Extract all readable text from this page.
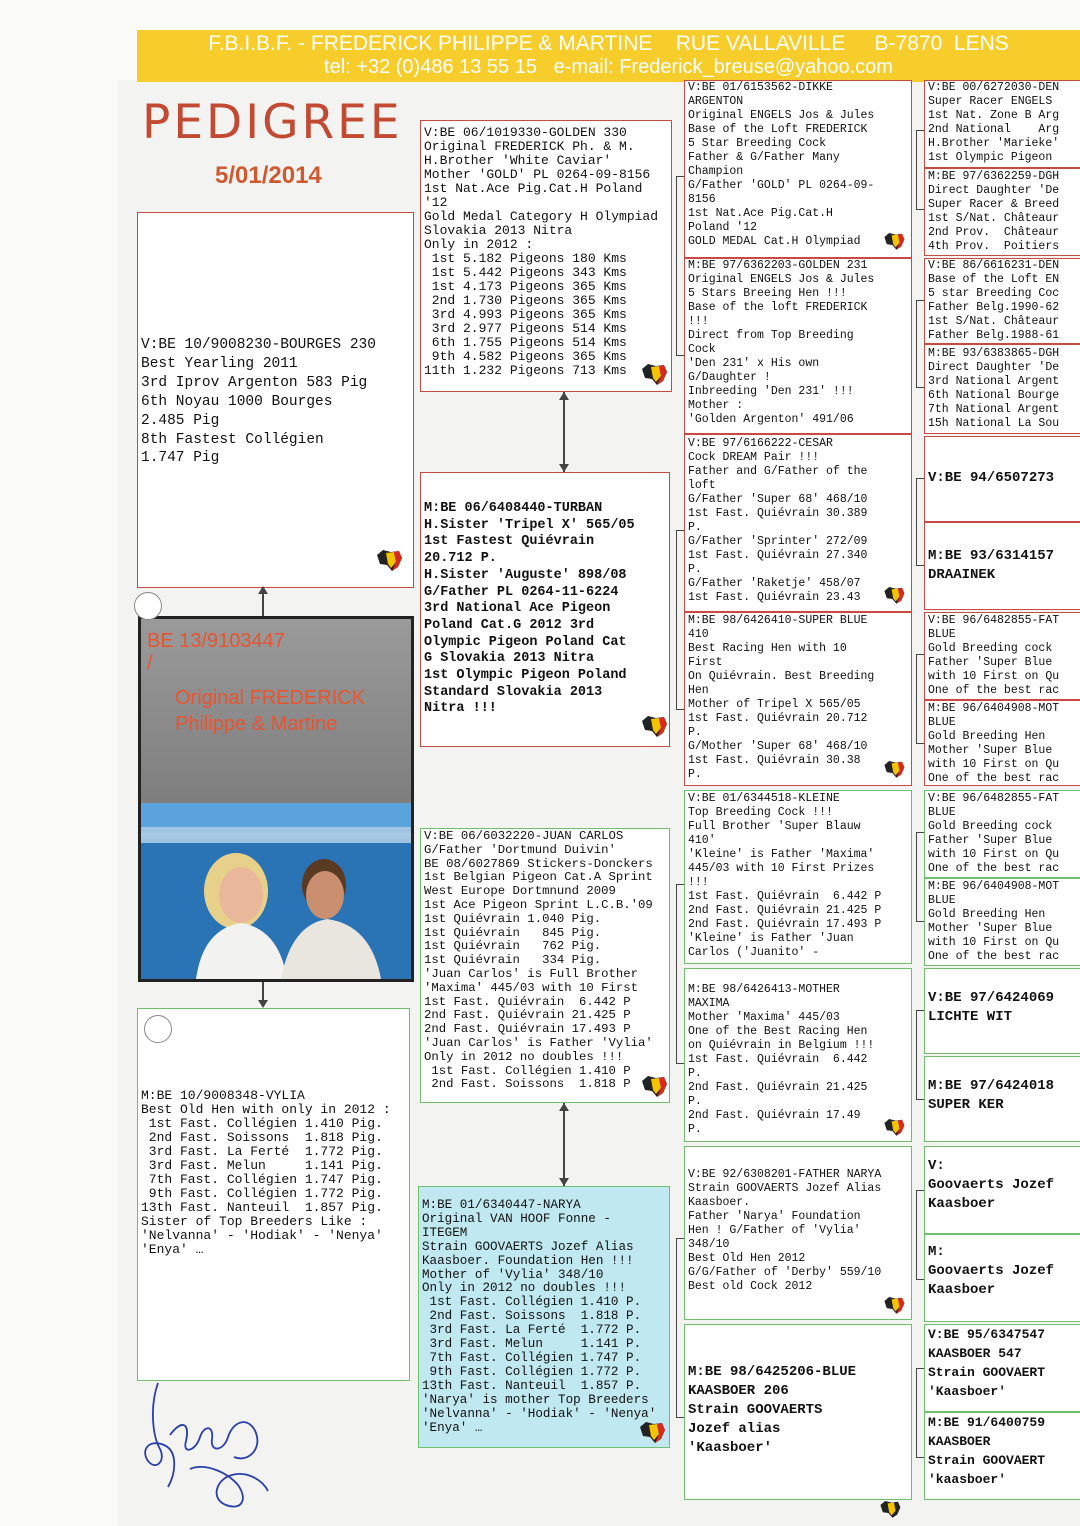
F.B.I.B.F. - FREDERICK PHILIPPE & MARTINE    RUE VALLAVILLE     B-7870  LENS
tel: +32 (0)486 13 55 15   e-mail: Frederick_breuse@yahoo.com
PEDIGREE
5/01/2014
V:BE 10/9008230-BOURGES 230
Best Yearling 2011
3rd Iprov Argenton 583 Pig
6th Noyau 1000 Bourges
2.485 Pig
8th Fastest Collégien
1.747 Pig
BE 13/9103447
/
Original FREDERICK
Philippe & Martine
M:BE 10/9008348-VYLIA
Best Old Hen with only in 2012 :
1st Fast. Collégien 1.410 Pig.
2nd Fast. Soissons  1.818 Pig.
3rd Fast. La Ferté  1.772 Pig.
3rd Fast. Melun     1.141 Pig.
7th Fast. Collégien 1.747 Pig.
9th Fast. Collégien 1.772 Pig.
13th Fast. Nanteuil  1.857 Pig.
Sister of Top Breeders Like :
'Nelvanna' - 'Hodiak' - 'Nenya'
'Enya' …
V:BE 06/1019330-GOLDEN 330
Original FREDERICK Ph. & M.
H.Brother 'White Caviar'
Mother 'GOLD' PL 0264-09-8156
1st Nat.Ace Pig.Cat.H Poland
'12
Gold Medal Category H Olympiad
Slovakia 2013 Nitra
Only in 2012 :
1st 5.182 Pigeons 180 Kms
1st 5.442 Pigeons 343 Kms
1st 4.173 Pigeons 365 Kms
2nd 1.730 Pigeons 365 Kms
3rd 4.993 Pigeons 365 Kms
3rd 2.977 Pigeons 514 Kms
6th 1.755 Pigeons 514 Kms
9th 4.582 Pigeons 365 Kms
11th 1.232 Pigeons 713 Kms
M:BE 06/6408440-TURBAN
H.Sister 'Tripel X' 565/05
1st Fastest Quiévrain
20.712 P.
H.Sister 'Auguste' 898/08
G/Father PL 0264-11-6224
3rd National Ace Pigeon
Poland Cat.G 2012 3rd
Olympic Pigeon Poland Cat
G Slovakia 2013 Nitra
1st Olympic Pigeon Poland
Standard Slovakia 2013
Nitra !!!
V:BE 06/6032220-JUAN CARLOS
G/Father 'Dortmund Duivin'
BE 08/6027869 Stickers-Donckers
1st Belgian Pigeon Cat.A Sprint
West Europe Dortmnund 2009
1st Ace Pigeon Sprint L.C.B.'09
1st Quiévrain 1.040 Pig.
1st Quiévrain   845 Pig.
1st Quiévrain   762 Pig.
1st Quiévrain   334 Pig.
'Juan Carlos' is Full Brother
'Maxima' 445/03 with 10 First
1st Fast. Quiévrain  6.442 P
2nd Fast. Quiévrain 21.425 P
2nd Fast. Quiévrain 17.493 P
'Juan Carlos' is Father 'Vylia'
Only in 2012 no doubles !!!
1st Fast. Collégien 1.410 P
2nd Fast. Soissons  1.818 P
M:BE 01/6340447-NARYA
Original VAN HOOF Fonne -
ITEGEM
Strain GOOVAERTS Jozef Alias
Kaasboer. Foundation Hen !!!
Mother of 'Vylia' 348/10
Only in 2012 no doubles !!!
1st Fast. Collégien 1.410 P.
2nd Fast. Soissons  1.818 P.
3rd Fast. La Ferté  1.772 P.
3rd Fast. Melun     1.141 P.
7th Fast. Collégien 1.747 P.
9th Fast. Collégien 1.772 P.
13th Fast. Nanteuil  1.857 P.
'Narya' is mother Top Breeders
'Nelvanna' - 'Hodiak' - 'Nenya'
'Enya' …
V:BE 01/6153562-DIKKE
ARGENTON
Original ENGELS Jos & Jules
Base of the Loft FREDERICK
5 Star Breeding Cock
Father & G/Father Many
Champion
G/Father 'GOLD' PL 0264-09-
8156
1st Nat.Ace Pig.Cat.H
Poland '12
GOLD MEDAL Cat.H Olympiad
M:BE 97/6362203-GOLDEN 231
Original ENGELS Jos & Jules
5 Stars Breeing Hen !!!
Base of the loft FREDERICK
!!!
Direct from Top Breeding
Cock
'Den 231' x His own
G/Daughter !
Inbreeding 'Den 231' !!!
Mother :
'Golden Argenton' 491/06
V:BE 97/6166222-CESAR
Cock DREAM Pair !!!
Father and G/Father of the
loft
G/Father 'Super 68' 468/10
1st Fast. Quiévrain 30.389
P.
G/Father 'Sprinter' 272/09
1st Fast. Quiévrain 27.340
P.
G/Father 'Raketje' 458/07
1st Fast. Quiévrain 23.43
M:BE 98/6426410-SUPER BLUE
410
Best Racing Hen with 10
First
On Quiévrain. Best Breeding
Hen
Mother of Tripel X 565/05
1st Fast. Quiévrain 20.712
P.
G/Mother 'Super 68' 468/10
1st Fast. Quiévrain 30.38
P.
V:BE 01/6344518-KLEINE
Top Breeding Cock !!!
Full Brother 'Super Blauw
410'
'Kleine' is Father 'Maxima'
445/03 with 10 First Prizes
!!!
1st Fast. Quiévrain  6.442 P
2nd Fast. Quiévrain 21.425 P
2nd Fast. Quiévrain 17.493 P
'Kleine' is Father 'Juan
Carlos ('Juanito' -
M:BE 98/6426413-MOTHER
MAXIMA
Mother 'Maxima' 445/03
One of the Best Racing Hen
on Quiévrain in Belgium !!!
1st Fast. Quiévrain  6.442
P.
2nd Fast. Quiévrain 21.425
P.
2nd Fast. Quiévrain 17.49
P.
V:BE 92/6308201-FATHER NARYA
Strain GOOVAERTS Jozef Alias
Kaasboer.
Father 'Narya' Foundation
Hen ! G/Father of 'Vylia'
348/10
Best Old Hen 2012
G/G/Father of 'Derby' 559/10
Best old Cock 2012
M:BE 98/6425206-BLUE
KAASBOER 206
Strain GOOVAERTS
Jozef alias
'Kaasboer'
V:BE 00/6272030-DEN
Super Racer ENGELS
1st Nat. Zone B Arg
2nd National    Arg
H.Brother 'Marieke'
1st Olympic Pigeon
M:BE 97/6362259-DGH
Direct Daughter 'De
Super Racer & Breed
1st S/Nat. Châteaur
2nd Prov.  Châteaur
4th Prov.  Poitiers
V:BE 86/6616231-DEN
Base of the Loft EN
5 star Breeding Coc
Father Belg.1990-62
1st S/Nat. Châteaur
Father Belg.1988-61
M:BE 93/6383865-DGH
Direct Daughter 'De
3rd National Argent
6th National Bourge
7th National Argent
15h National La Sou
V:BE 94/6507273
M:BE 93/6314157
DRAAINEK
V:BE 96/6482855-FAT
BLUE
Gold Breeding cock
Father 'Super Blue
with 10 First on Qu
One of the best rac
M:BE 96/6404908-MOT
BLUE
Gold Breeding Hen
Mother 'Super Blue
with 10 First on Qu
One of the best rac
V:BE 96/6482855-FAT
BLUE
Gold Breeding cock
Father 'Super Blue
with 10 First on Qu
One of the best rac
M:BE 96/6404908-MOT
BLUE
Gold Breeding Hen
Mother 'Super Blue
with 10 First on Qu
One of the best rac
V:BE 97/6424069
LICHTE WIT
M:BE 97/6424018
SUPER KER
V:
Goovaerts Jozef
Kaasboer
M:
Goovaerts Jozef
Kaasboer
V:BE 95/6347547
KAASBOER 547
Strain GOOVAERT
'Kaasboer'
M:BE 91/6400759
KAASBOER
Strain GOOVAERT
'kaasboer'
